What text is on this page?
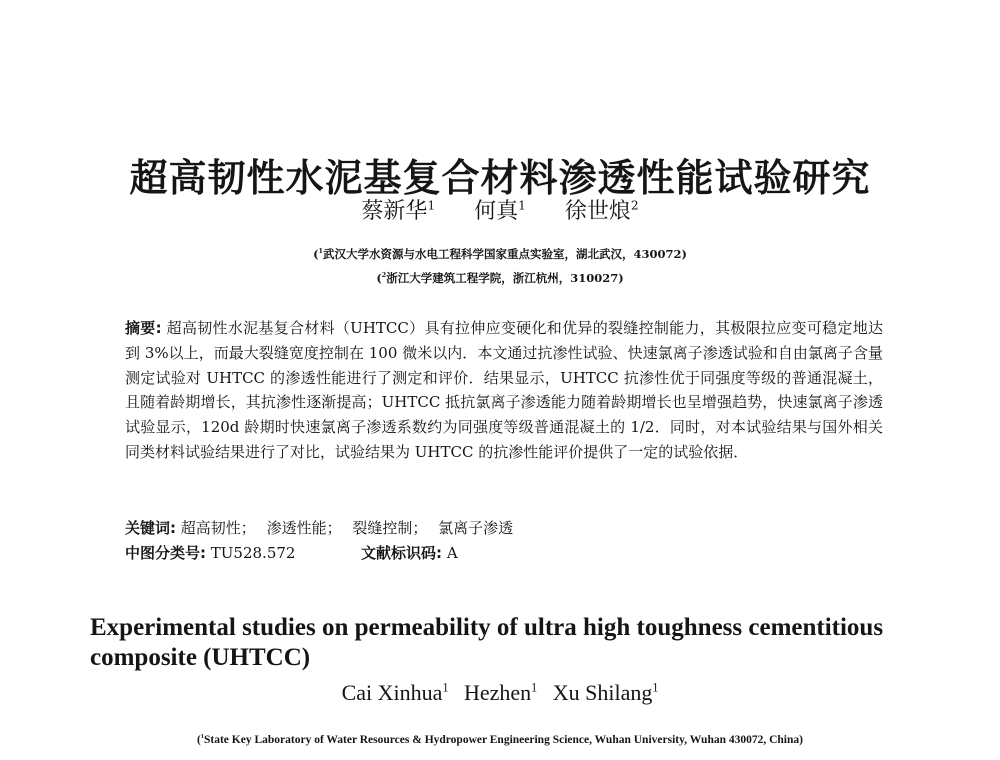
超高韧性水泥基复合材料渗透性能试验研究
蔡新华$^1$ 何真$^1$ 徐世烺$^2$
($^1$武汉大学水资源与水电工程科学国家重点实验室，湖北武汉，430072)
($^2$浙江大学建筑工程学院，浙江杭州，310027)
摘要: 超高韧性水泥基复合材料（UHTCC）具有拉伸应变硬化和优异的裂缝控制能力，其极限拉应变可稳定地达到 3%以上，而最大裂缝宽度控制在 100 微米以内．本文通过抗渗性试验、快速氯离子渗透试验和自由氯离子含量测定试验对 UHTCC 的渗透性能进行了测定和评价．结果显示，UHTCC 抗渗性优于同强度等级的普通混凝土，且随着龄期增长，其抗渗性逐渐提高；UHTCC 抵抗氯离子渗透能力随着龄期增长也呈增强趋势，快速氯离子渗透试验显示，120d 龄期时快速氯离子渗透系数约为同强度等级普通混凝土的 1/2．同时，对本试验结果与国外相关同类材料试验结果进行了对比，试验结果为 UHTCC 的抗渗性能评价提供了一定的试验依据．
关键词: 超高韧性； 渗透性能； 裂缝控制； 氯离子渗透
中图分类号: TU528.572	文献标识码: A
Experimental studies on permeability of ultra high toughness cementitious composite (UHTCC)
Cai Xinhua$^1$ Hezhen$^1$ Xu Shilang$^1$
($^1$State Key Laboratory of Water Resources & Hydropower Engineering Science, Wuhan University, Wuhan 430072, China)
